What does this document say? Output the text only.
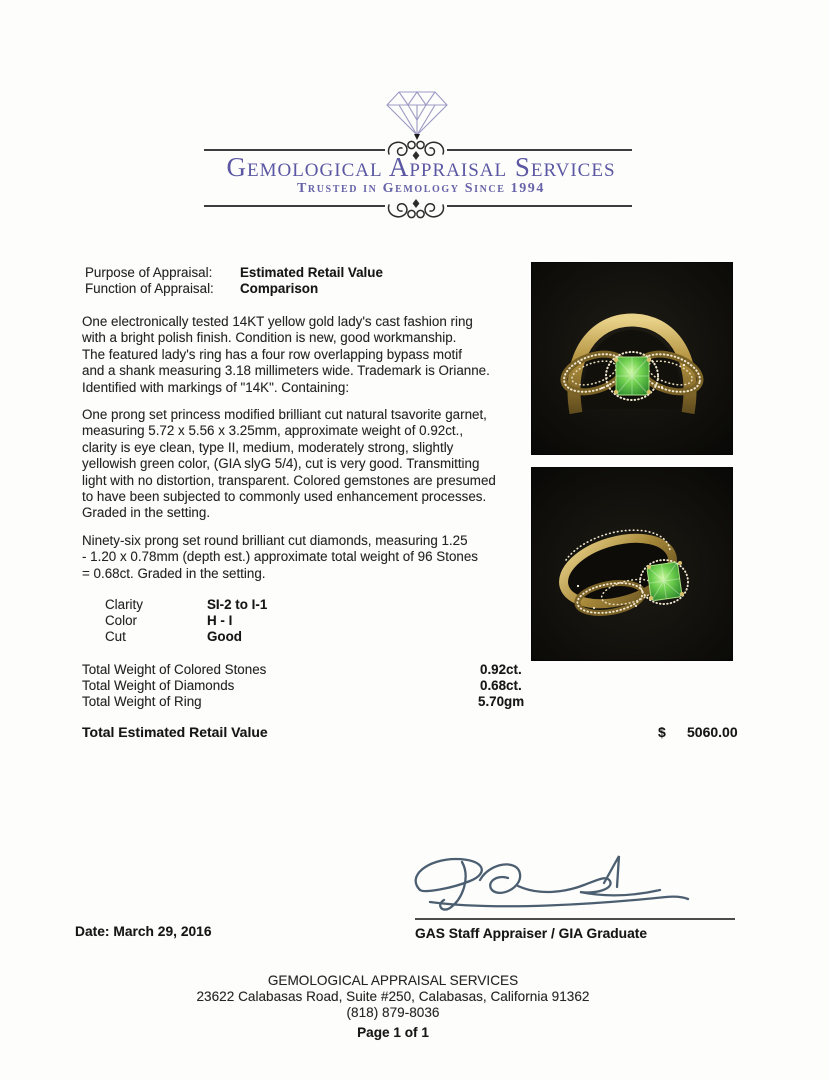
Gemological Appraisal Services
Trusted in Gemology Since 1994
Purpose of Appraisal: Estimated Retail Value
Function of Appraisal: Comparison
One electronically tested 14KT yellow gold lady's cast fashion ring
with a bright polish finish. Condition is new, good workmanship.
The featured lady's ring has a four row overlapping bypass motif
and a shank measuring 3.18 millimeters wide. Trademark is Orianne.
Identified with markings of "14K". Containing:
One prong set princess modified brilliant cut natural tsavorite garnet,
measuring 5.72 x 5.56 x 3.25mm, approximate weight of 0.92ct.,
clarity is eye clean, type II, medium, moderately strong, slightly
yellowish green color, (GIA slyG 5/4), cut is very good. Transmitting
light with no distortion, transparent. Colored gemstones are presumed
to have been subjected to commonly used enhancement processes.
Graded in the setting.
Ninety-six prong set round brilliant cut diamonds, measuring 1.25
- 1.20 x 0.78mm (depth est.) approximate total weight of 96 Stones
= 0.68ct. Graded in the setting.
Clarity	SI-2 to I-1
Color	H - I
Cut	Good
Total Weight of Colored Stones	0.92ct.
Total Weight of Diamonds	0.68ct.
Total Weight of Ring	5.70gm
Total Estimated Retail Value	$ 5060.00
Date: March 29, 2016	GAS Staff Appraiser / GIA Graduate
GEMOLOGICAL APPRAISAL SERVICES
23622 Calabasas Road, Suite #250, Calabasas, California 91362
(818) 879-8036
Page 1 of 1
